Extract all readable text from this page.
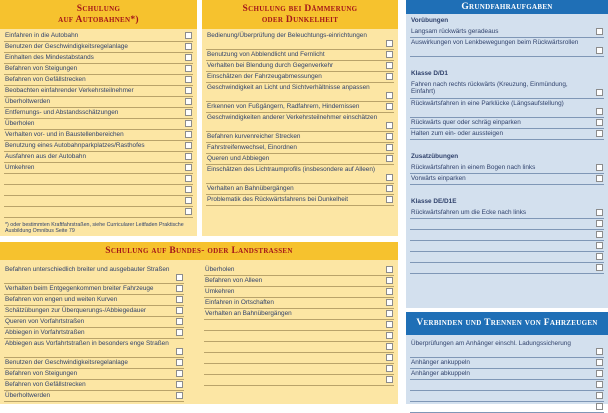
Schulung
auf Autobahnen*)
Einfahren in die Autobahn
Benutzen der Geschwindigkeitsregelanlage
Einhalten des Mindestabstands
Befahren von Steigungen
Befahren von Gefällstrecken
Beobachten einfahrender Verkehrsteilnehmer
Überholtwerden
Entfernungs- und Abstandsschätzungen
Überholen
Verhalten vor- und in Baustellenbereichen
Benutzung eines Autobahnparkplatzes/Rasthofes
Ausfahren aus der Autobahn
Umkehren
*) oder bestimmten Kraftfahrstraßen, siehe Curricularer Leitfaden Praktische Ausbildung Omnibus Seite 79
Schulung bei Dämmerung
oder Dunkelheit
Bedienung/Überprüfung der Beleuchtungs-einrichtungen
Benutzung von Abblendlicht und Fernlicht
Verhalten bei Blendung durch Gegenverkehr
Einschätzen der Fahrzeugabmessungen
Geschwindigkeit an Licht und Sichtverhältnisse anpassen
Erkennen von Fußgängern, Radfahrern, Hindernissen
Geschwindigkeiten anderer Verkehrsteilnehmer einschätzen
Befahren kurvenreicher Strecken
Fahrstreifenwechsel, Einordnen
Queren und Abbiegen
Einschätzen des Lichtraumprofils (insbesondere auf Alleen)
Verhalten an Bahnübergängen
Problematik des Rückwärtsfahrens bei Dunkelheit
Grundfahraufgaben
Vorübungen
Langsam rückwärts geradeaus
Auswirkungen von Lenkbewegungen beim Rückwärtsrollen
Klasse D/D1
Fahren nach rechts rückwärts (Kreuzung, Einmündung, Einfahrt)
Rückwärtsfahren in eine Parklücke (Längsaufstellung)
Rückwärts quer oder schräg einparken
Halten zum ein- oder aussteigen
Zusatzübungen
Rückwärtsfahren in einem Bogen nach links
Vorwärts einparken
Klasse DE/D1E
Rückwärtsfahren um die Ecke nach links
Schulung auf Bundes- oder Landstrassen
Befahren unterschiedlich breiter und ausgebauter Straßen
Verhalten beim Entgegenkommen breiter Fahrzeuge
Befahren von engen und weiten Kurven
Schätzübungen zur Überquerungs-/Abbiegedauer
Queren von Vorfahrtstraßen
Abbiegen in Vorfahrtstraßen
Abbiegen aus Vorfahrtstraßen in besonders enge Straßen
Benutzen der Geschwindigkeitsregelanlage
Befahren von Steigungen
Befahren von Gefällstrecken
Überholtwerden
Überholen
Befahren von Alleen
Umkehren
Einfahren in Ortschaften
Verhalten an Bahnübergängen
Verbinden und Trennen von Fahrzeugen
Überprüfungen am Anhänger einschl. Ladungssicherung
Anhänger ankuppeln
Anhänger abkuppeln
